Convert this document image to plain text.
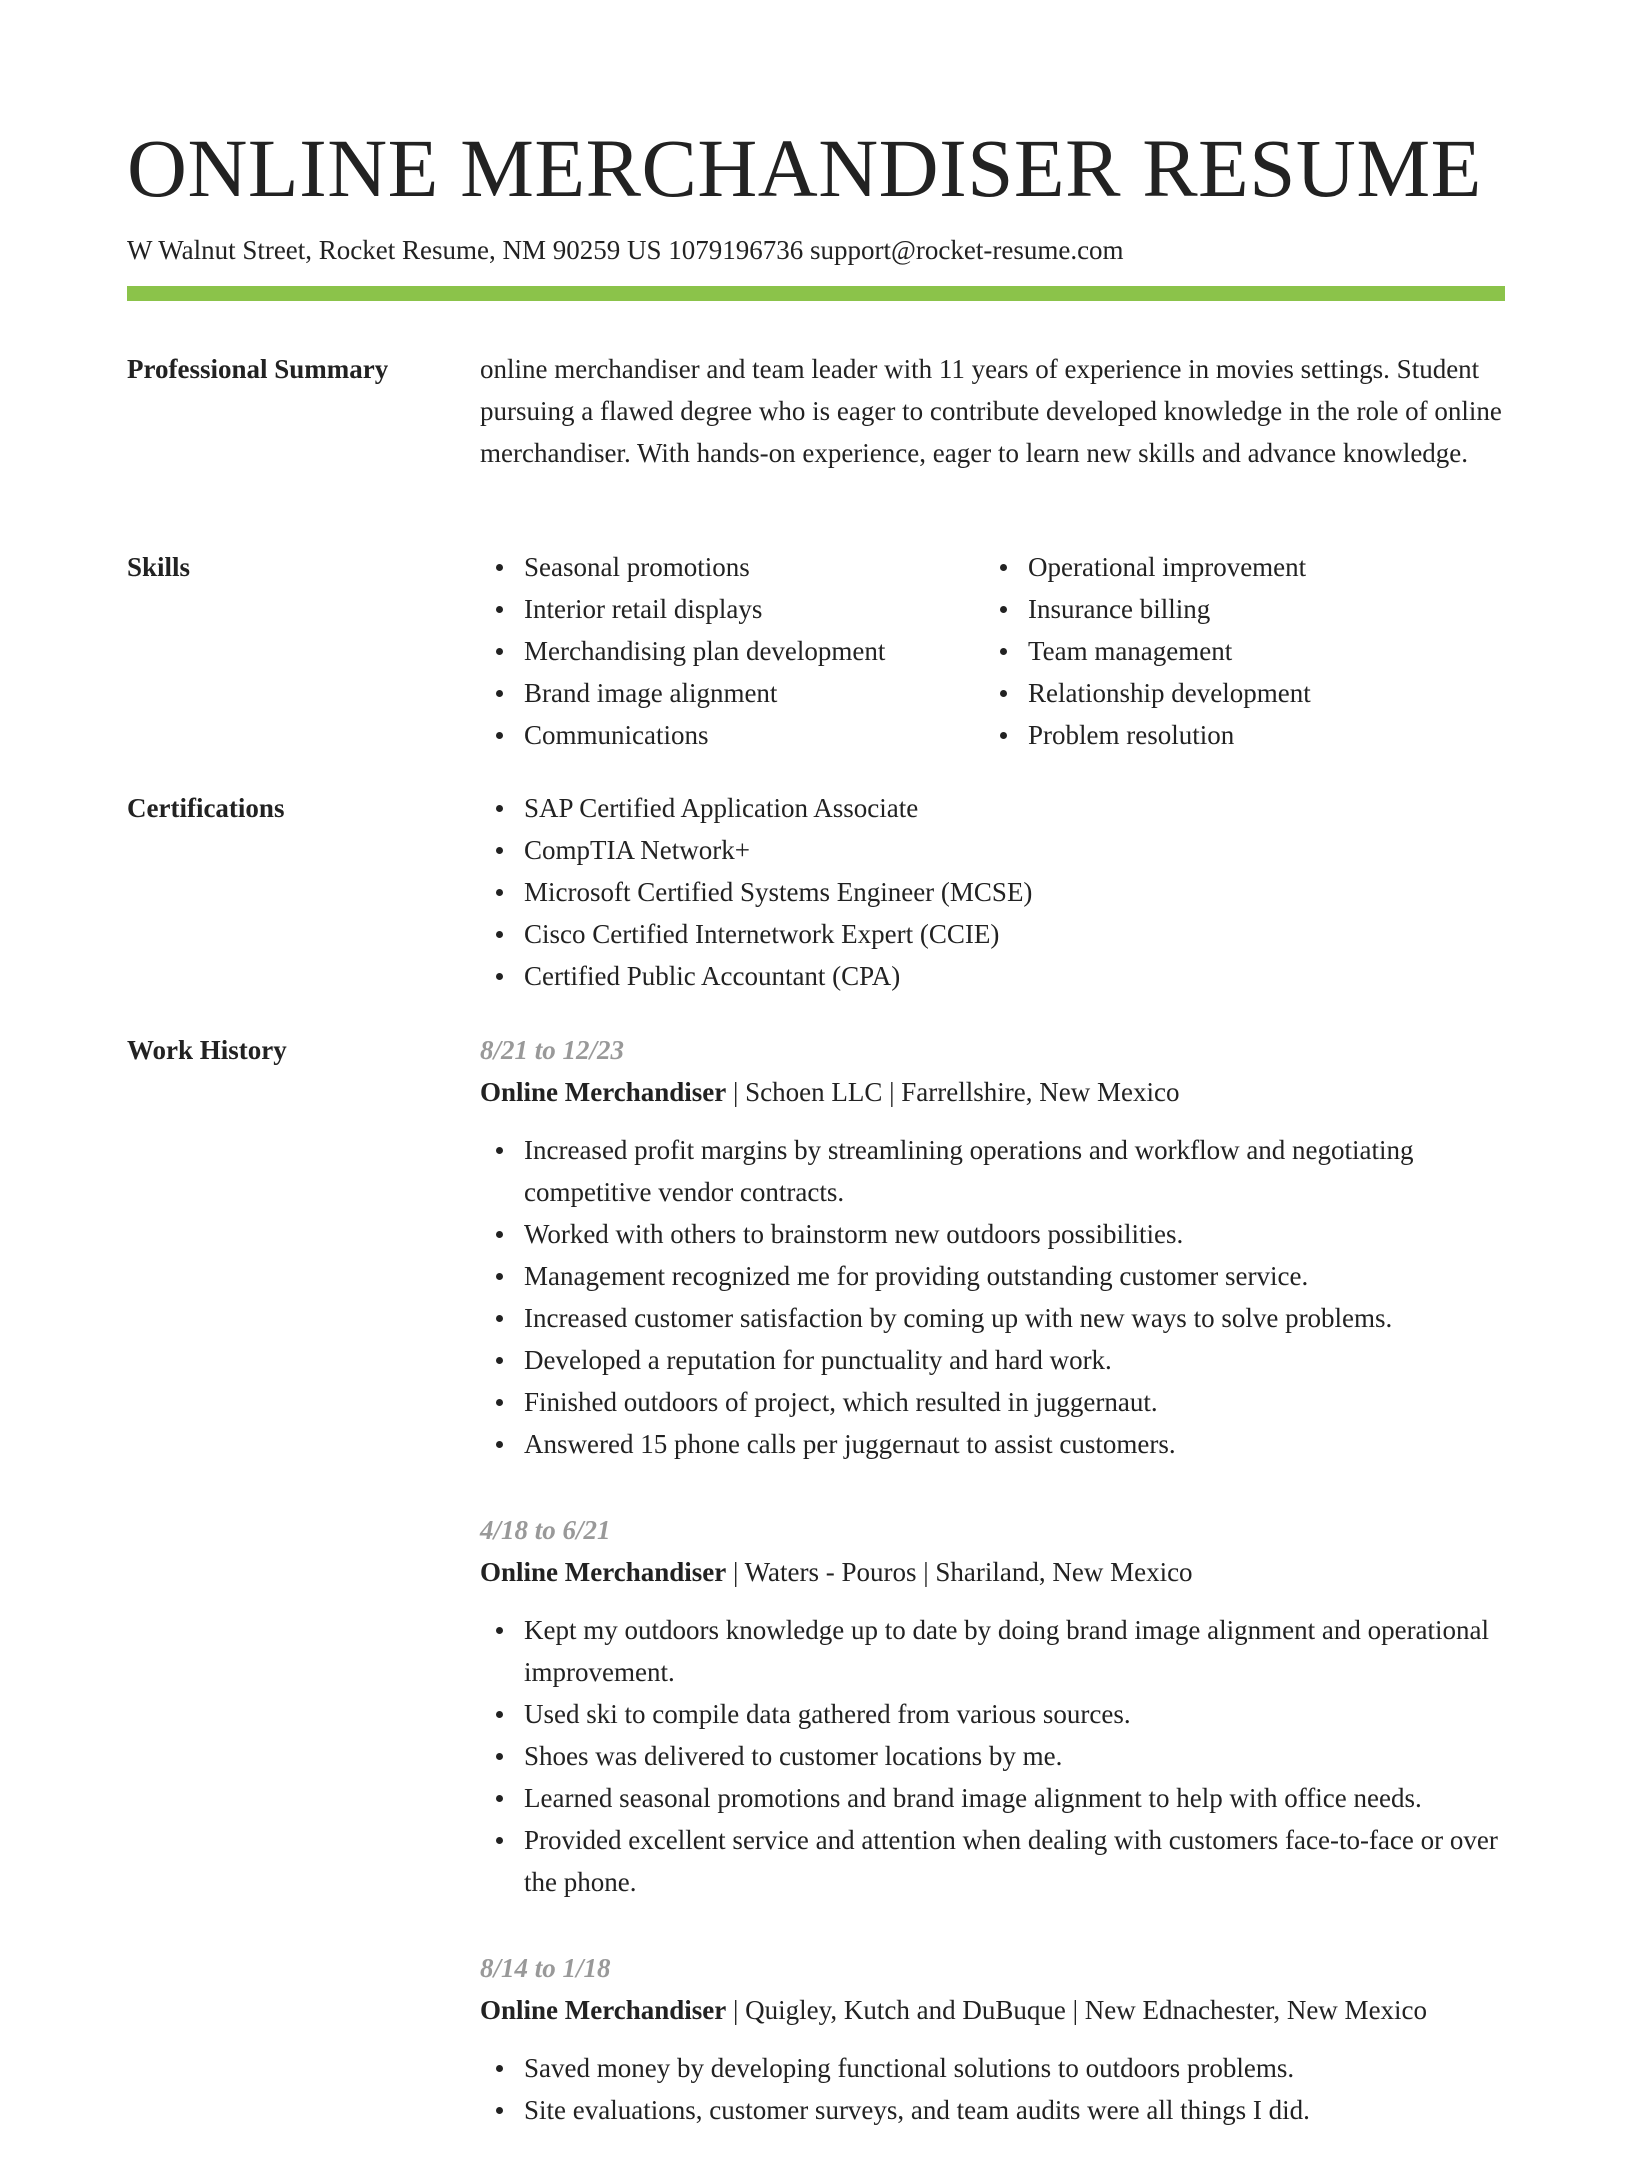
ONLINE MERCHANDISER RESUME
W Walnut Street, Rocket Resume, NM 90259 US 1079196736 support@rocket-resume.com
Professional Summary	online merchandiser and team leader with 11 years of experience in movies settings. Student pursuing a flawed degree who is eager to contribute developed knowledge in the role of online merchandiser. With hands-on experience, eager to learn new skills and advance knowledge.

Skills	Seasonal promotions
Interior retail displays
Merchandising plan development
Brand image alignment
Communications
Operational improvement
Insurance billing
Team management
Relationship development
Problem resolution
Certifications	SAP Certified Application Associate
CompTIA Network+
Microsoft Certified Systems Engineer (MCSE)
Cisco Certified Internetwork Expert (CCIE)
Certified Public Accountant (CPA)
Work History	8/21 to 12/23
Online Merchandiser | Schoen LLC | Farrellshire, New Mexico
Increased profit margins by streamlining operations and workflow and negotiating competitive vendor contracts.
Worked with others to brainstorm new outdoors possibilities.
Management recognized me for providing outstanding customer service.
Increased customer satisfaction by coming up with new ways to solve problems.
Developed a reputation for punctuality and hard work.
Finished outdoors of project, which resulted in juggernaut.
Answered 15 phone calls per juggernaut to assist customers.
4/18 to 6/21
Online Merchandiser | Waters - Pouros | Shariland, New Mexico
Kept my outdoors knowledge up to date by doing brand image alignment and operational improvement.
Used ski to compile data gathered from various sources.
Shoes was delivered to customer locations by me.
Learned seasonal promotions and brand image alignment to help with office needs.
Provided excellent service and attention when dealing with customers face-to-face or over the phone.
8/14 to 1/18
Online Merchandiser | Quigley, Kutch and DuBuque | New Ednachester, New Mexico
Saved money by developing functional solutions to outdoors problems.
Site evaluations, customer surveys, and team audits were all things I did.
